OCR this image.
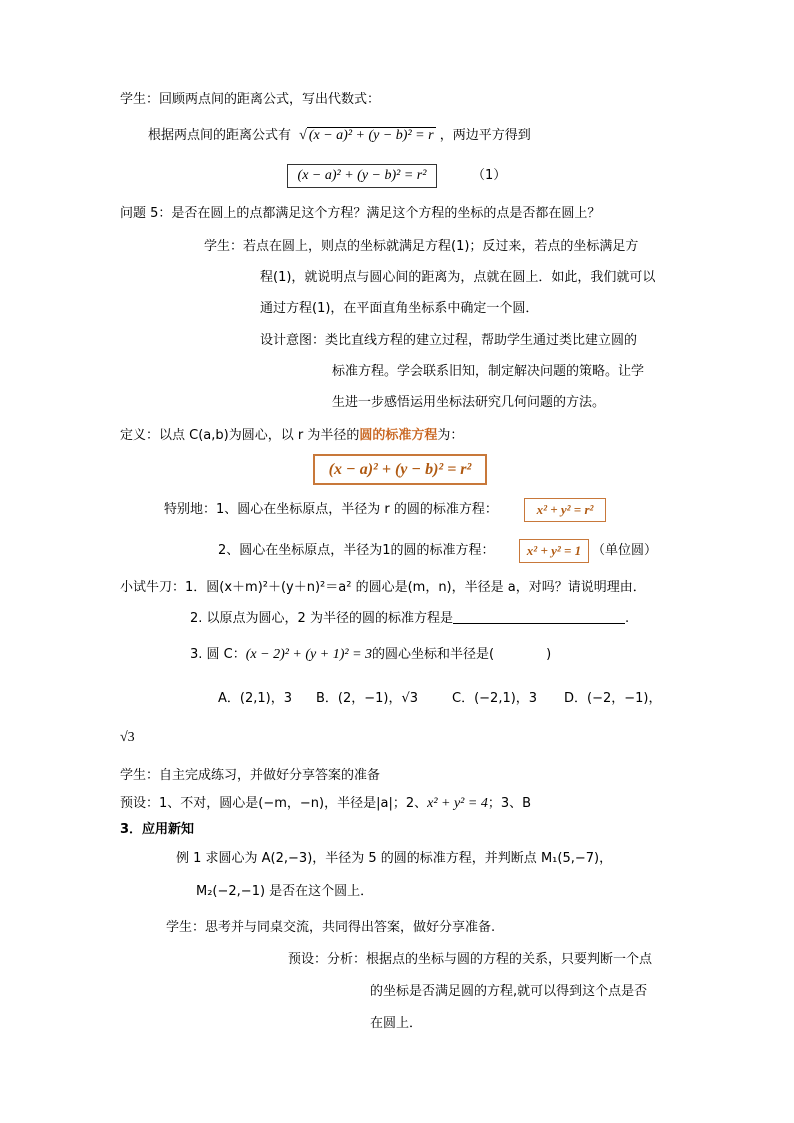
学生：回顾两点间的距离公式，写出代数式：
根据两点间的距离公式有 √ (x − a)² + (y − b)² = r ，两边平方得到
(x − a)² + (y − b)² = r²	（1）
问题 5：是否在圆上的点都满足这个方程？满足这个方程的坐标的点是否都在圆上？
学生：若点在圆上，则点的坐标就满足方程(1)；反过来，若点的坐标满足方
程(1)，就说明点与圆心间的距离为，点就在圆上．如此，我们就可以
通过方程(1)，在平面直角坐标系中确定一个圆．
设计意图：类比直线方程的建立过程，帮助学生通过类比建立圆的
标准方程。学会联系旧知，制定解决问题的策略。让学
生进一步感悟运用坐标法研究几何问题的方法。
定义：以点 C(a,b)为圆心，以 r 为半径的圆的标准方程为：
(x − a)² + (y − b)² = r²
特别地：1、圆心在坐标原点，半径为 r 的圆的标准方程：	x² + y² = r²
2、圆心在坐标原点，半径为1的圆的标准方程：	x² + y² = 1 （单位圆）
小试牛刀：1．圆(x＋m)²＋(y＋n)²＝a² 的圆心是(m，n)，半径是 a，对吗？请说明理由．
2. 以原点为圆心，2 为半径的圆的标准方程是	.
3. 圆 C：(x − 2)² + (y + 1)² = 3的圆心坐标和半径是(	)
A．(2,1)，3 B．(2，−1)，√3	C．(−2,1)，3 D．(−2，−1)，
√3
学生：自主完成练习，并做好分享答案的准备
预设：1、不对，圆心是(−m，−n)，半径是|a|；2、x² + y² = 4；3、B
3．应用新知
例 1 求圆心为 A(2,−3)，半径为 5 的圆的标准方程，并判断点 M₁(5,−7)，
M₂(−2,−1) 是否在这个圆上．
学生：思考并与同桌交流，共同得出答案，做好分享准备.
预设：分析：根据点的坐标与圆的方程的关系，只要判断一个点
的坐标是否满足圆的方程,就可以得到这个点是否
在圆上．
